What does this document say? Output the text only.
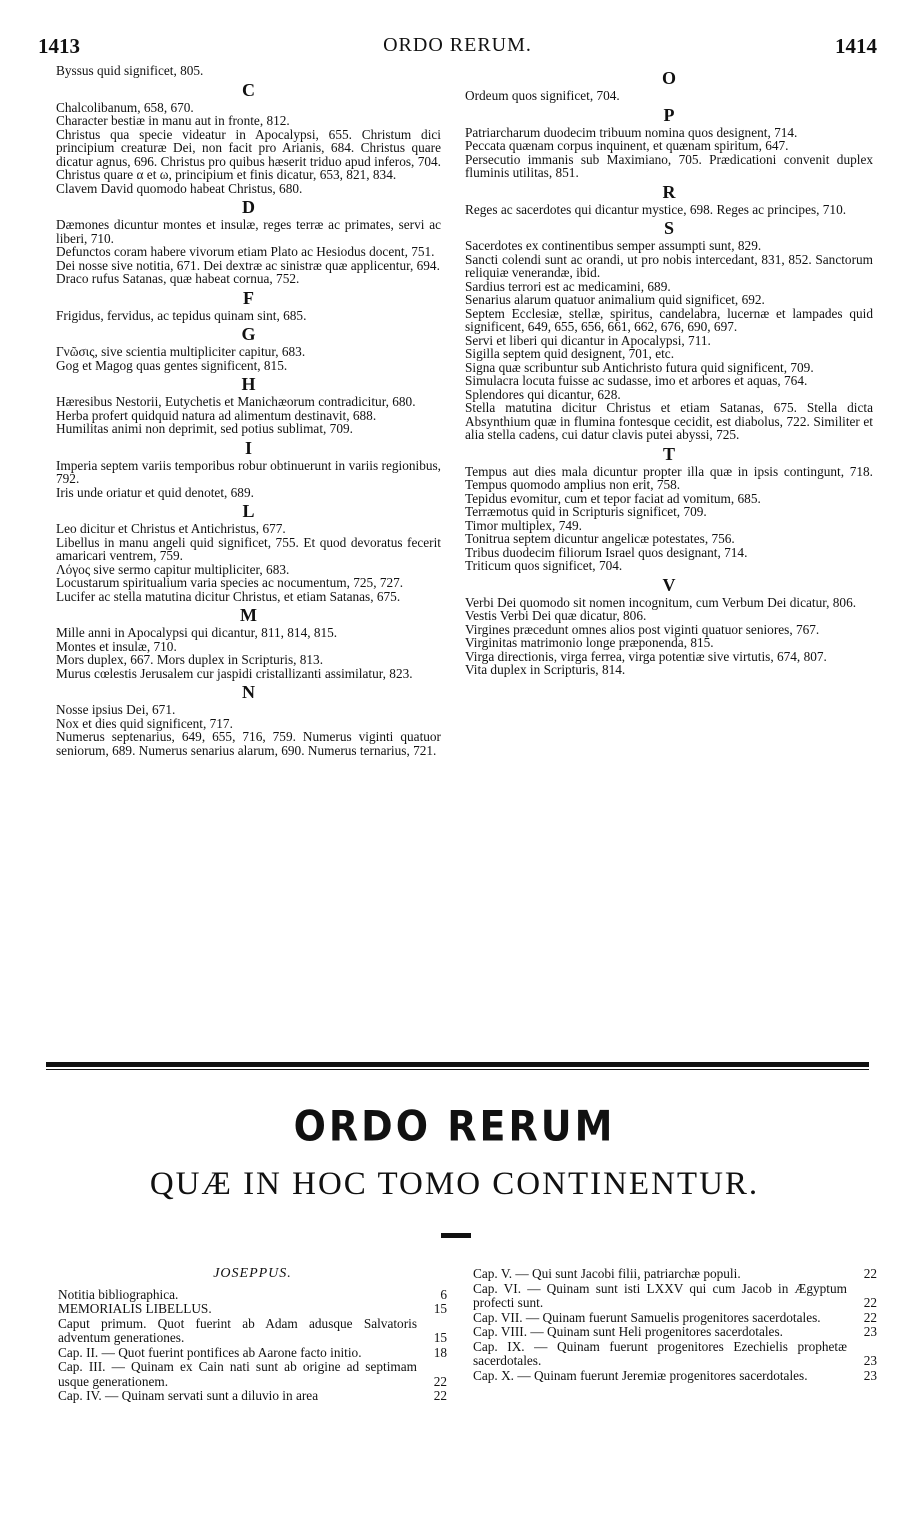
1413	ORDO RERUM.	1414
Byssus quid significet, 805.
C
Chalcolibanum, 658, 670.
Character bestiæ in manu aut in fronte, 812.
Christus qua specie videatur in Apocalypsi, 655. Christum dici principium creaturæ Dei, non facit pro Arianis, 684. Christus quare dicatur agnus, 696. Christus pro quibus hæserit triduo apud inferos, 704. Christus quare α et ω, principium et finis dicatur, 653, 821, 834.
Clavem David quomodo habeat Christus, 680.
D
Dæmones dicuntur montes et insulæ, reges terræ ac primates, servi ac liberi, 710.
Defunctos coram habere vivorum etiam Plato ac Hesiodus docent, 751.
Dei nosse sive notitia, 671. Dei dextræ ac sinistræ quæ applicentur, 694.
Draco rufus Satanas, quæ habeat cornua, 752.
F
Frigidus, fervidus, ac tepidus quinam sint, 685.
G
Γνῶσις, sive scientia multipliciter capitur, 683.
Gog et Magog quas gentes significent, 815.
H
Hæresibus Nestorii, Eutychetis et Manichæorum contradicitur, 680.
Herba profert quidquid natura ad alimentum destinavit, 688.
Humilitas animi non deprimit, sed potius sublimat, 709.
I
Imperia septem variis temporibus robur obtinuerunt in variis regionibus, 792.
Iris unde oriatur et quid denotet, 689.
L
Leo dicitur et Christus et Antichristus, 677.
Libellus in manu angeli quid significet, 755. Et quod devoratus fecerit amaricari ventrem, 759.
Λόγος sive sermo capitur multipliciter, 683.
Locustarum spiritualium varia species ac nocumentum, 725, 727.
Lucifer ac stella matutina dicitur Christus, et etiam Satanas, 675.
M
Mille anni in Apocalypsi qui dicantur, 811, 814, 815.
Montes et insulæ, 710.
Mors duplex, 667. Mors duplex in Scripturis, 813.
Murus cœlestis Jerusalem cur jaspidi cristallizanti assimilatur, 823.
N
Nosse ipsius Dei, 671.
Nox et dies quid significent, 717.
Numerus septenarius, 649, 655, 716, 759. Numerus viginti quatuor seniorum, 689. Numerus senarius alarum, 690. Numerus ternarius, 721.
O
Ordeum quos significet, 704.
P
Patriarcharum duodecim tribuum nomina quos designent, 714.
Peccata quænam corpus inquinent, et quænam spiritum, 647.
Persecutio immanis sub Maximiano, 705. Prædicationi convenit duplex fluminis utilitas, 851.
R
Reges ac sacerdotes qui dicantur mystice, 698. Reges ac principes, 710.
S
Sacerdotes ex continentibus semper assumpti sunt, 829.
Sancti colendi sunt ac orandi, ut pro nobis intercedant, 831, 852. Sanctorum reliquiæ venerandæ, ibid.
Sardius terrori est ac medicamini, 689.
Senarius alarum quatuor animalium quid significet, 692.
Septem Ecclesiæ, stellæ, spiritus, candelabra, lucernæ et lampades quid significent, 649, 655, 656, 661, 662, 676, 690, 697.
Servi et liberi qui dicantur in Apocalypsi, 711.
Sigilla septem quid designent, 701, etc.
Signa quæ scribuntur sub Antichristo futura quid significent, 709.
Simulacra locuta fuisse ac sudasse, imo et arbores et aquas, 764.
Splendores qui dicantur, 628.
Stella matutina dicitur Christus et etiam Satanas, 675. Stella dicta Absynthium quæ in flumina fontesque cecidit, est diabolus, 722. Similiter et alia stella cadens, cui datur clavis putei abyssi, 725.
T
Tempus aut dies mala dicuntur propter illa quæ in ipsis contingunt, 718. Tempus quomodo amplius non erit, 758.
Tepidus evomitur, cum et tepor faciat ad vomitum, 685.
Terræmotus quid in Scripturis significet, 709.
Timor multiplex, 749.
Tonitrua septem dicuntur angelicæ potestates, 756.
Tribus duodecim filiorum Israel quos designant, 714.
Triticum quos significet, 704.
V
Verbi Dei quomodo sit nomen incognitum, cum Verbum Dei dicatur, 806.
Vestis Verbi Dei quæ dicatur, 806.
Virgines præcedunt omnes alios post viginti quatuor seniores, 767.
Virginitas matrimonio longe præponenda, 815.
Virga directionis, virga ferrea, virga potentiæ sive virtutis, 674, 807.
Vita duplex in Scripturis, 814.
ORDO RERUM
QUÆ IN HOC TOMO CONTINENTUR.
JOSEPPUS.
Notitia bibliographica.	6
MEMORIALIS LIBELLUS.	15
Caput primum. Quot fuerint ab Adam adusque Salvatoris adventum generationes.	15
Cap. II. — Quot fuerint pontifices ab Aarone facto initio.	18
Cap. III. — Quinam ex Cain nati sunt ab origine ad septimam usque generationem.	22
Cap. IV. — Quinam servati sunt a diluvio in area	22
Cap. V. — Qui sunt Jacobi filii, patriarchæ populi.	22
Cap. VI. — Quinam sunt isti LXXV qui cum Jacob in Ægyptum profecti sunt.	22
Cap. VII. — Quinam fuerunt Samuelis progenitores sacerdotales.	22
Cap. VIII. — Quinam sunt Heli progenitores sacerdotales.	23
Cap. IX. — Quinam fuerunt progenitores Ezechielis prophetæ sacerdotales.	23
Cap. X. — Quinam fuerunt Jeremiæ progenitores sacerdotales.	23
